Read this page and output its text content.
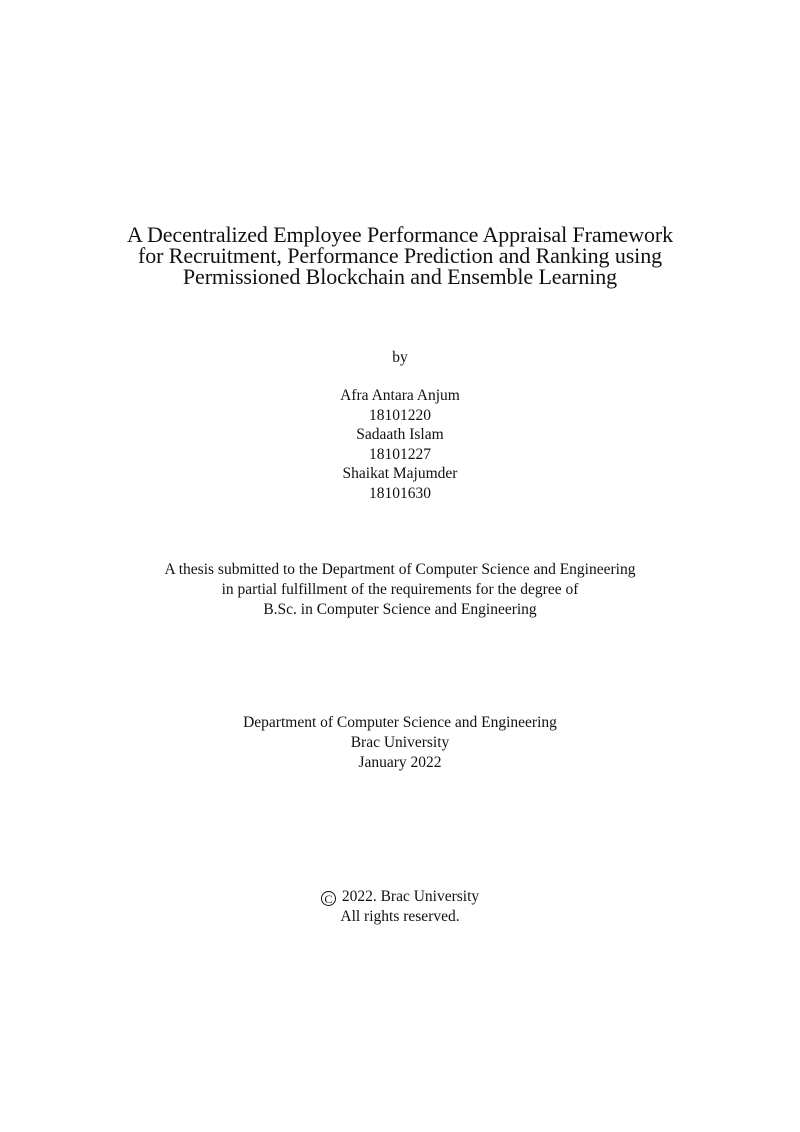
A Decentralized Employee Performance Appraisal Framework
for Recruitment, Performance Prediction and Ranking using
Permissioned Blockchain and Ensemble Learning
by
Afra Antara Anjum
18101220
Sadaath Islam
18101227
Shaikat Majumder
18101630
A thesis submitted to the Department of Computer Science and Engineering
in partial fulfillment of the requirements for the degree of
B.Sc. in Computer Science and Engineering
Department of Computer Science and Engineering
Brac University
January 2022
C 2022. Brac University
All rights reserved.
